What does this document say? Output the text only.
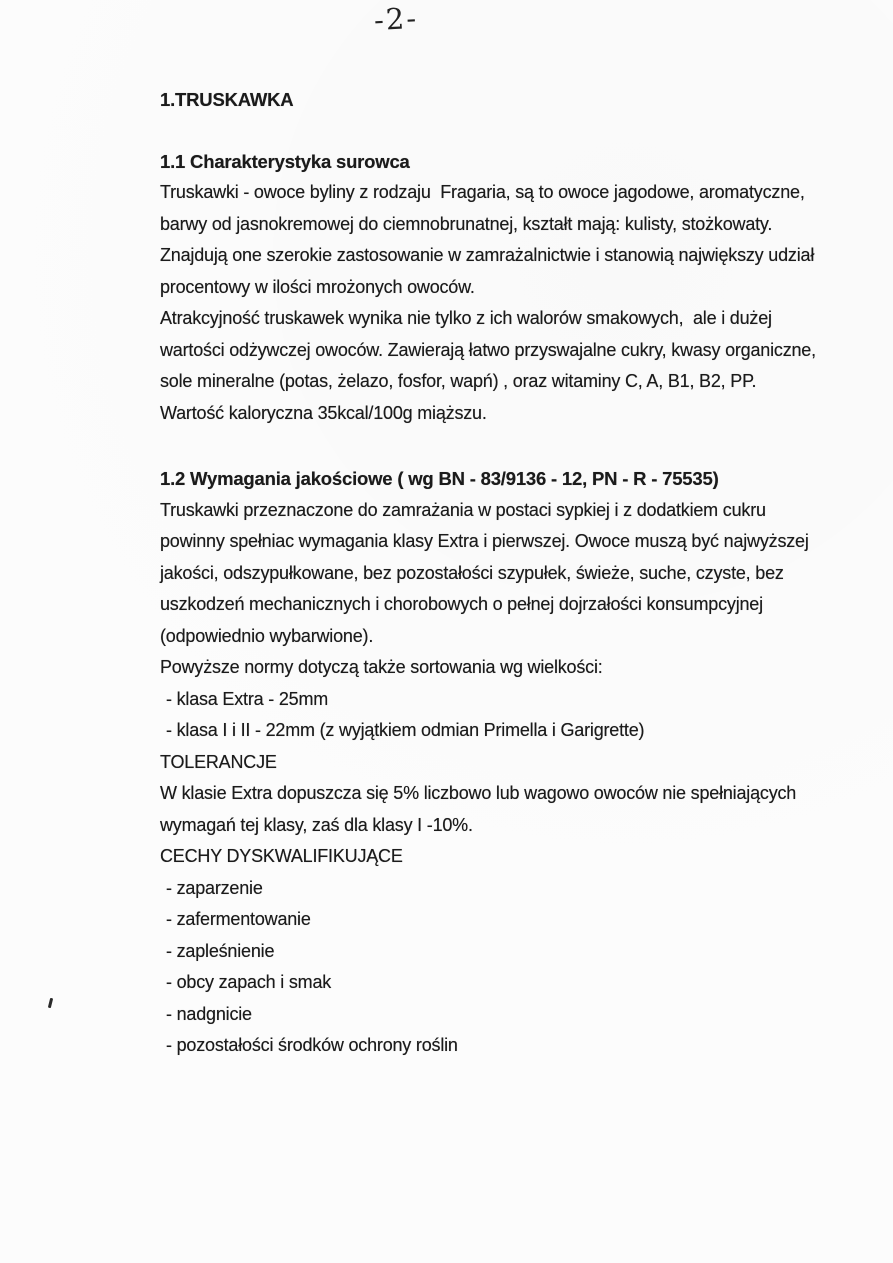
-2-
1.TRUSKAWKA
1.1 Charakterystyka surowca
Truskawki - owoce byliny z rodzaju  Fragaria, są to owoce jagodowe, aromatyczne,
barwy od jasnokremowej do ciemnobrunatnej, kształt mają: kulisty, stożkowaty.
Znajdują one szerokie zastosowanie w zamrażalnictwie i stanowią największy udział
procentowy w ilości mrożonych owoców.
Atrakcyjność truskawek wynika nie tylko z ich walorów smakowych,  ale i dużej
wartości odżywczej owoców. Zawierają łatwo przyswajalne cukry, kwasy organiczne,
sole mineralne (potas, żelazo, fosfor, wapń) , oraz witaminy C, A, B1, B2, PP.
Wartość kaloryczna 35kcal/100g miąższu.
1.2 Wymagania jakościowe ( wg BN - 83/9136 - 12, PN - R - 75535)
Truskawki przeznaczone do zamrażania w postaci sypkiej i z dodatkiem cukru
powinny spełniac wymagania klasy Extra i pierwszej. Owoce muszą być najwyższej
jakości, odszypułkowane, bez pozostałości szypułek, świeże, suche, czyste, bez
uszkodzeń mechanicznych i chorobowych o pełnej dojrzałości konsumpcyjnej
(odpowiednio wybarwione).
Powyższe normy dotyczą także sortowania wg wielkości:
- klasa Extra - 25mm
- klasa I i II - 22mm (z wyjątkiem odmian Primella i Garigrette)
TOLERANCJE
W klasie Extra dopuszcza się 5% liczbowo lub wagowo owoców nie spełniających
wymagań tej klasy, zaś dla klasy I -10%.
CECHY DYSKWALIFIKUJĄCE
- zaparzenie
- zafermentowanie
- zapleśnienie
- obcy zapach i smak
- nadgnicie
- pozostałości środków ochrony roślin
